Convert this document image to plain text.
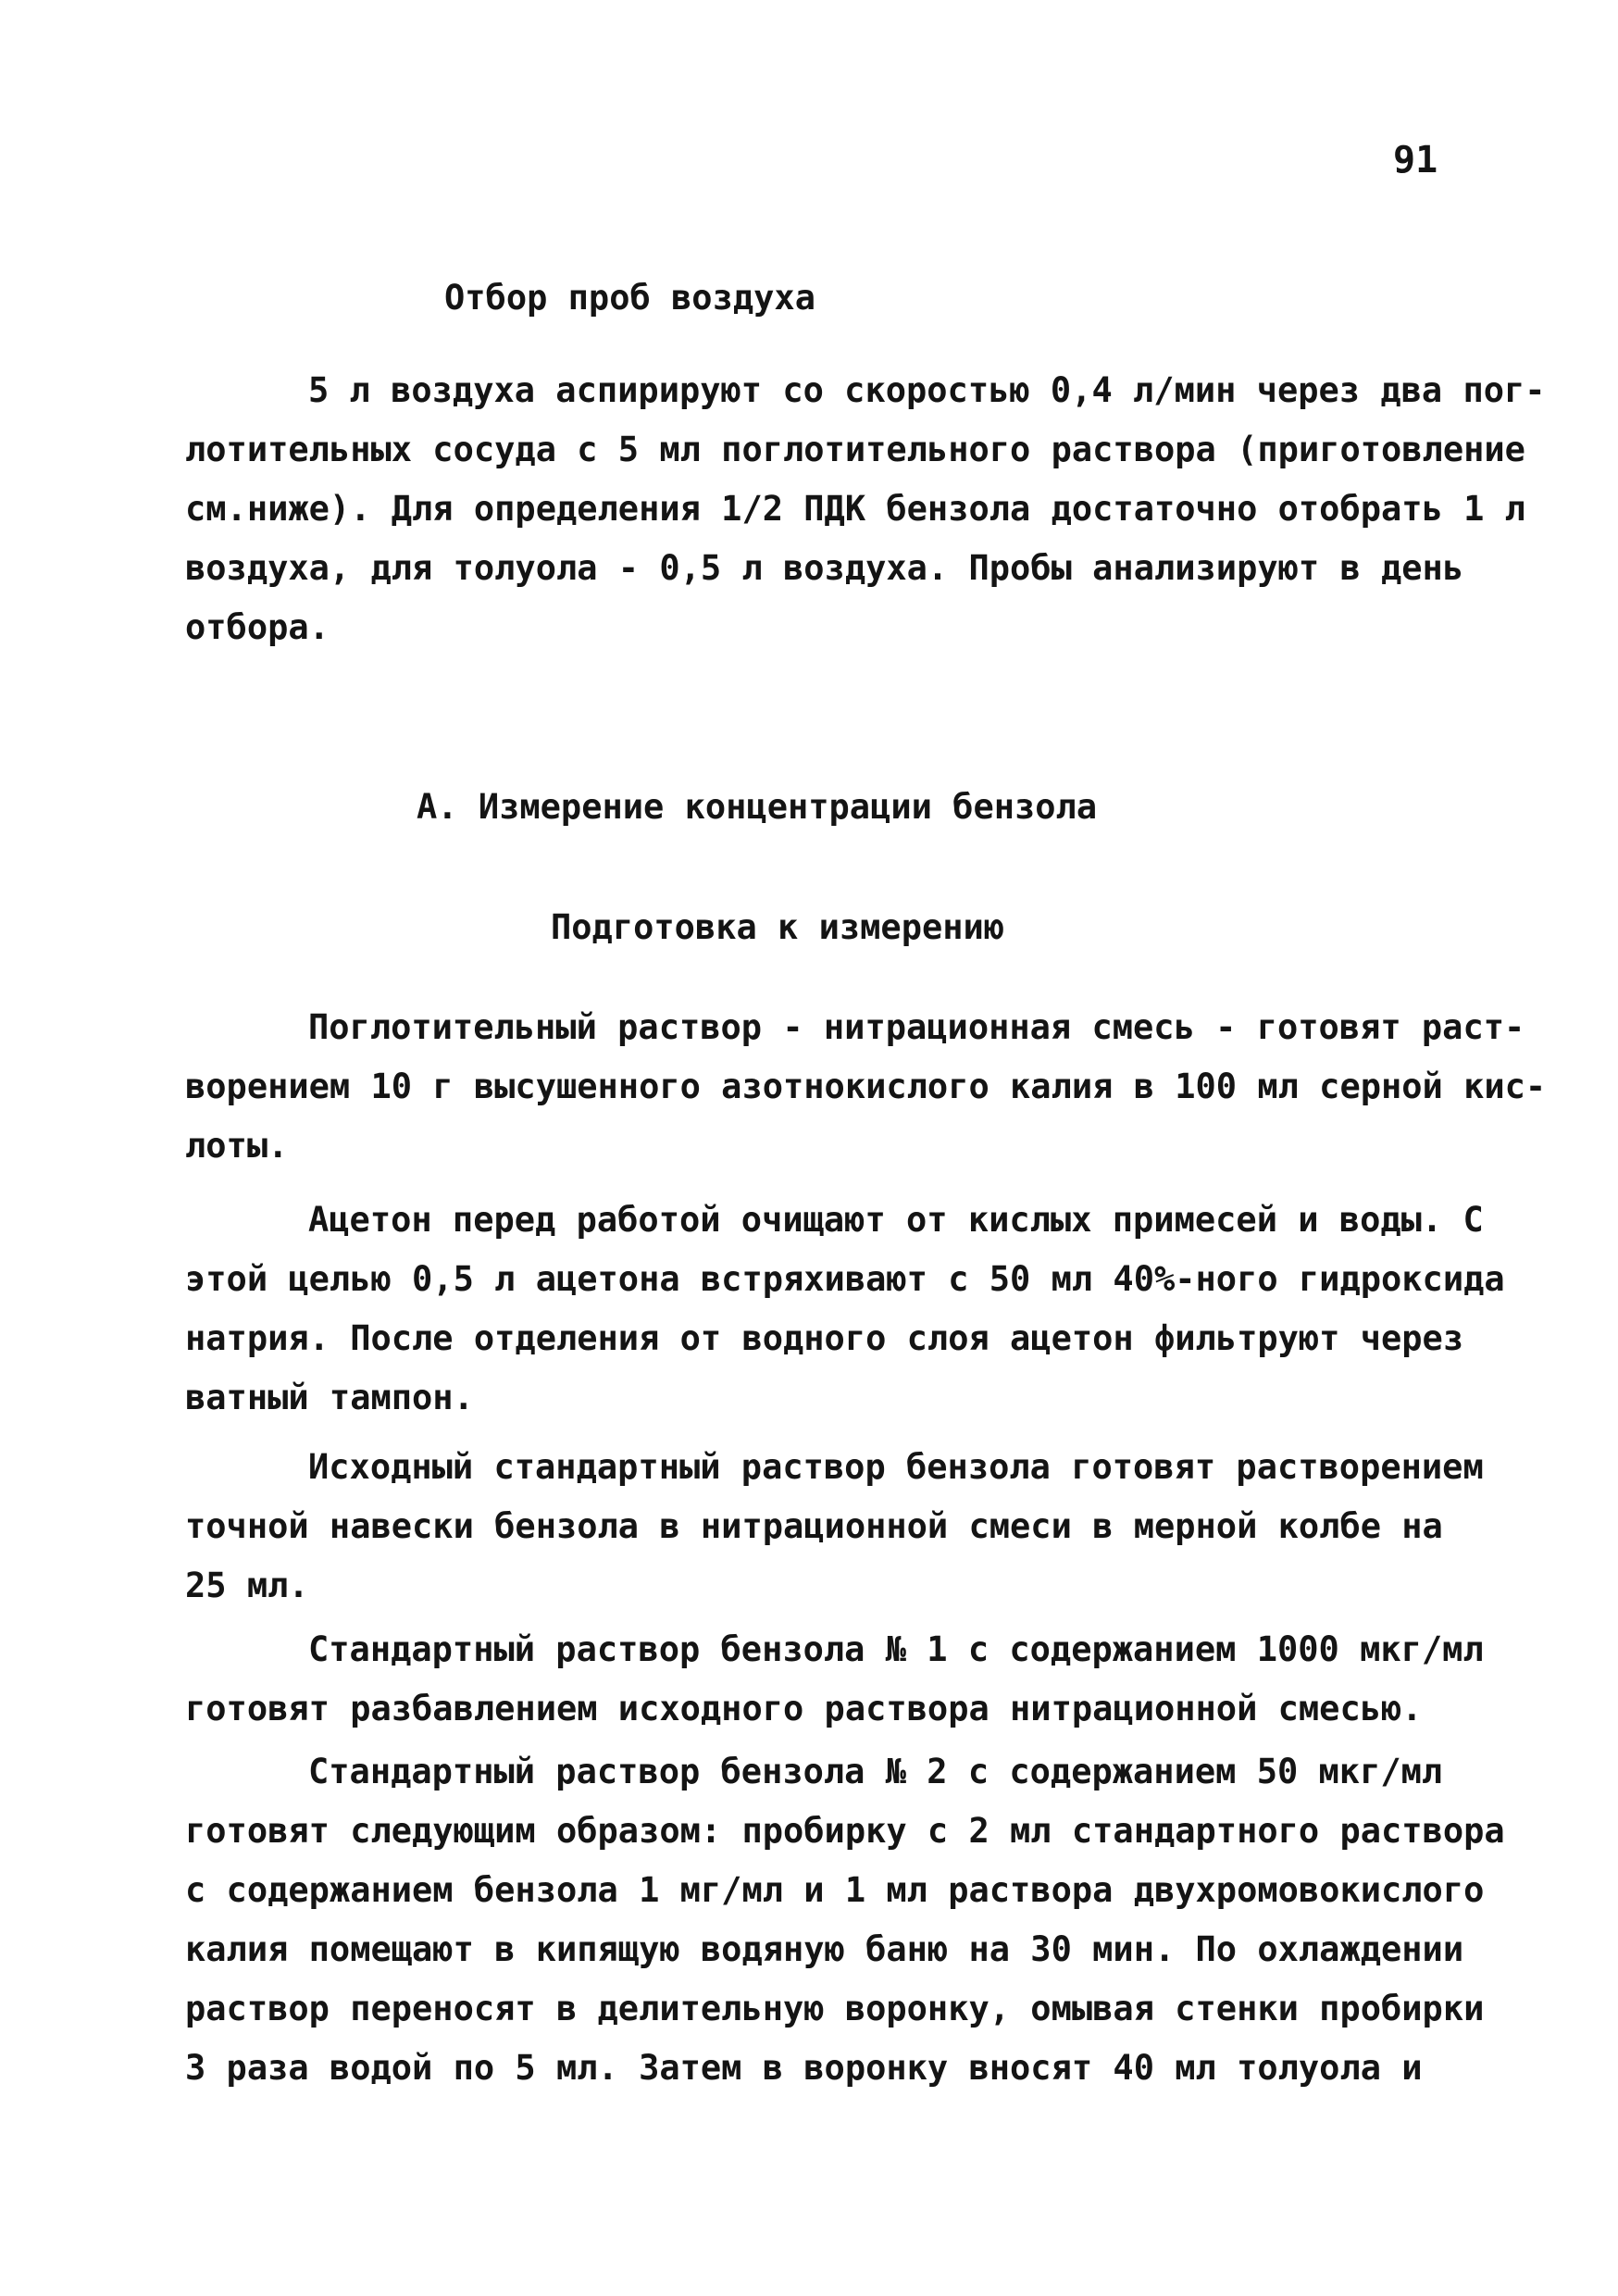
91
Отбор проб воздуха
5 л воздуха аспирируют со скоростью 0,4 л/мин через два пог-
лотительных сосуда с 5 мл поглотительного раствора (приготовление
см.ниже). Для определения 1/2 ПДК бензола достаточно отобрать 1 л
воздуха, для толуола - 0,5 л воздуха. Пробы анализируют в день
отбора.
А. Измерение концентрации бензола
Подготовка к измерению
Поглотительный раствор - нитрационная смесь - готовят раст-
ворением 10 г высушенного азотнокислого калия в 100 мл серной кис-
лоты.
Ацетон перед работой очищают от кислых примесей и воды. С
этой целью 0,5 л ацетона встряхивают с 50 мл 40%-ного гидроксида
натрия. После отделения от водного слоя ацетон фильтруют через
ватный тампон.
Исходный стандартный раствор бензола готовят растворением
точной навески бензола в нитрационной смеси в мерной колбе на
25 мл.
Стандартный раствор бензола № 1 с содержанием 1000 мкг/мл
готовят разбавлением исходного раствора нитрационной смесью.
Стандартный раствор бензола № 2 с содержанием 50 мкг/мл
готовят следующим образом: пробирку с 2 мл стандартного раствора
с содержанием бензола 1 мг/мл и 1 мл раствора двухромовокислого
калия помещают в кипящую водяную баню на 30 мин. По охлаждении
раствор переносят в делительную воронку, омывая стенки пробирки
3 раза водой по 5 мл. Затем в воронку вносят 40 мл толуола и
